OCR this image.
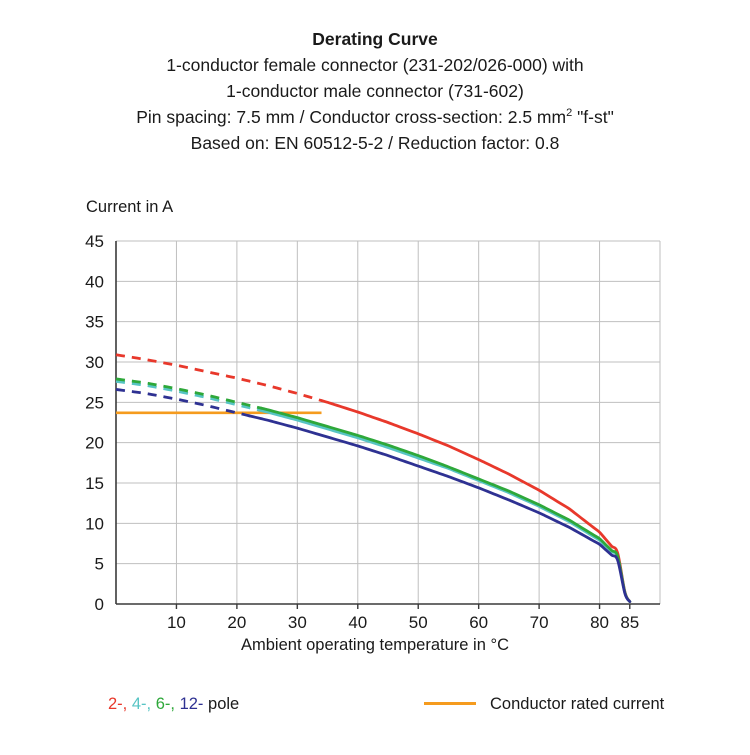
Derating Curve
1-conductor female connector (231-202/026-000) with
1-conductor male connector (731-602)
Pin spacing: 7.5 mm / Conductor cross-section: 2.5 $mm^2$ "f-st"
Based on: EN 60512-5-2 / Reduction factor: 0.8
Current in A
Ambient operating temperature in °C
0
5
10
15
20
25
30
35
40
45
10 20 30 40 50 60 70 80 85
2-, 4-, 6-, 12- pole	Conductor rated current
